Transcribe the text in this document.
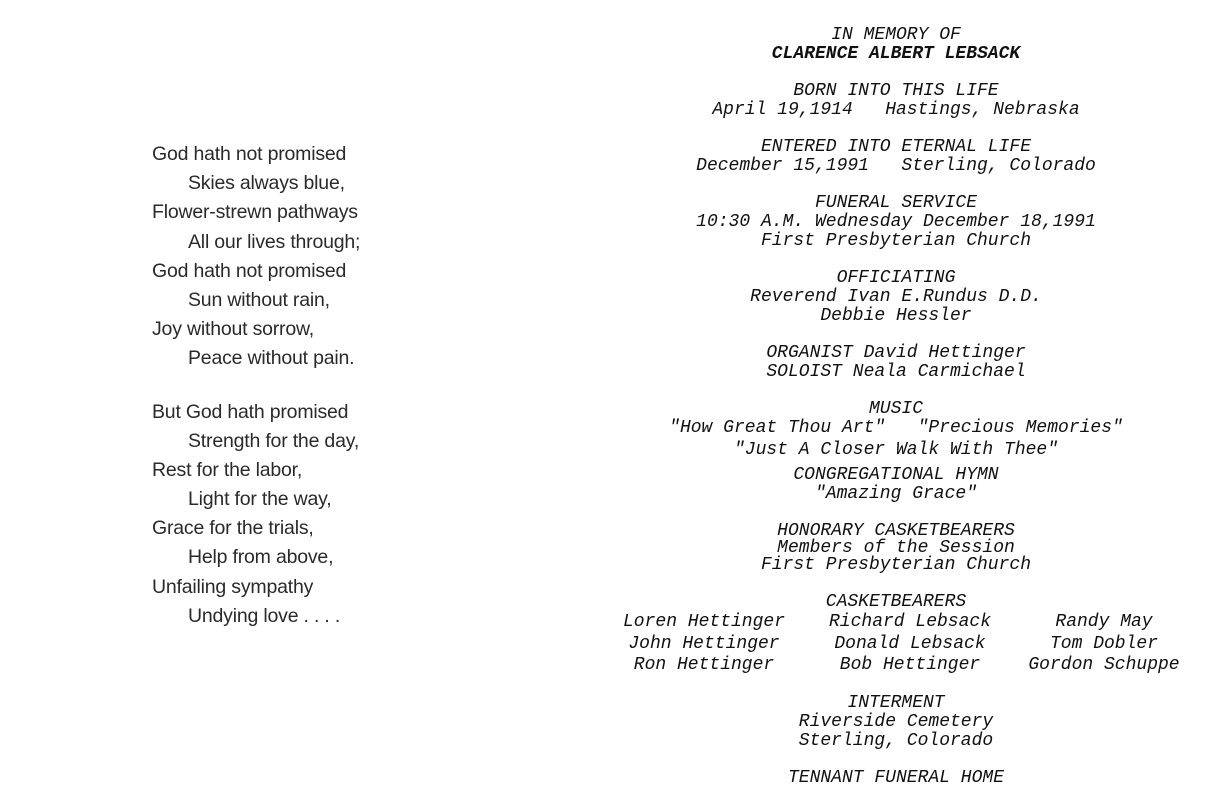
God hath not promised
Skies always blue,
Flower-strewn pathways
All our lives through;
God hath not promised
Sun without rain,
Joy without sorrow,
Peace without pain.
But God hath promised
Strength for the day,
Rest for the labor,
Light for the way,
Grace for the trials,
Help from above,
Unfailing sympathy
Undying love . . . .
IN MEMORY OF
CLARENCE ALBERT LEBSACK
BORN INTO THIS LIFE
April 19,1914   Hastings, Nebraska
ENTERED INTO ETERNAL LIFE
December 15,1991   Sterling, Colorado
FUNERAL SERVICE
10:30 A.M. Wednesday December 18,1991
First Presbyterian Church
OFFICIATING
Reverend Ivan E.Rundus D.D.
Debbie Hessler
ORGANIST David Hettinger
SOLOIST Neala Carmichael
MUSIC
"How Great Thou Art"   "Precious Memories"
"Just A Closer Walk With Thee"
CONGREGATIONAL HYMN
"Amazing Grace"
HONORARY CASKETBEARERS
Members of the Session
First Presbyterian Church
CASKETBEARERS
Loren Hettinger	Richard Lebsack	Randy May
John Hettinger	Donald Lebsack	Tom Dobler
Ron Hettinger	Bob Hettinger	Gordon Schuppe
INTERMENT
Riverside Cemetery
Sterling, Colorado
TENNANT FUNERAL HOME
